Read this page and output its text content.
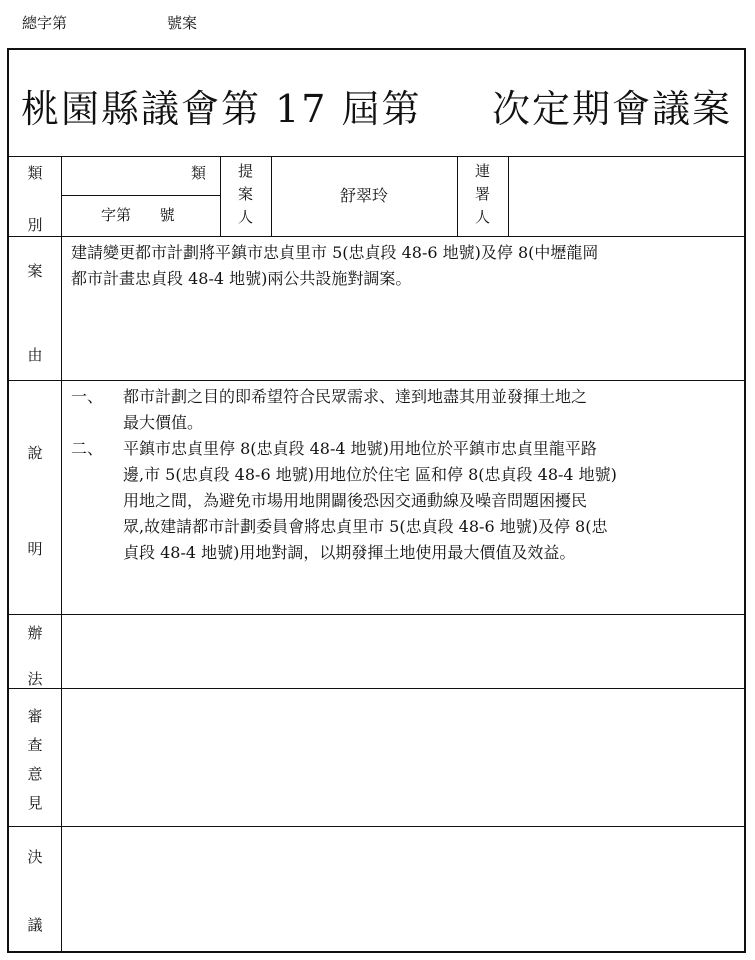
總字第	號案
桃園縣議會第 17 屆第     次定期會議案
類
別
類
字第      號
提
案
人
舒翠玲
連
署
人
案
由
建請變更都市計劃將平鎮市忠貞里市 5(忠貞段 48-6 地號)及停 8(中壢龍岡
都市計畫忠貞段 48-4 地號)兩公共設施對調案。
說
明
一、 都市計劃之目的即希望符合民眾需求、達到地盡其用並發揮土地之
最大價值。
二、 平鎮市忠貞里停 8(忠貞段 48-4 地號)用地位於平鎮市忠貞里龍平路
邊,市 5(忠貞段 48-6 地號)用地位於住宅 區和停 8(忠貞段 48-4 地號)
用地之間，為避免市場用地開闢後恐因交通動線及噪音問題困擾民
眾,故建請都市計劃委員會將忠貞里市 5(忠貞段 48-6 地號)及停 8(忠
貞段 48-4 地號)用地對調，以期發揮土地使用最大價值及效益。
辦
法
審
查
意
見
決
議
